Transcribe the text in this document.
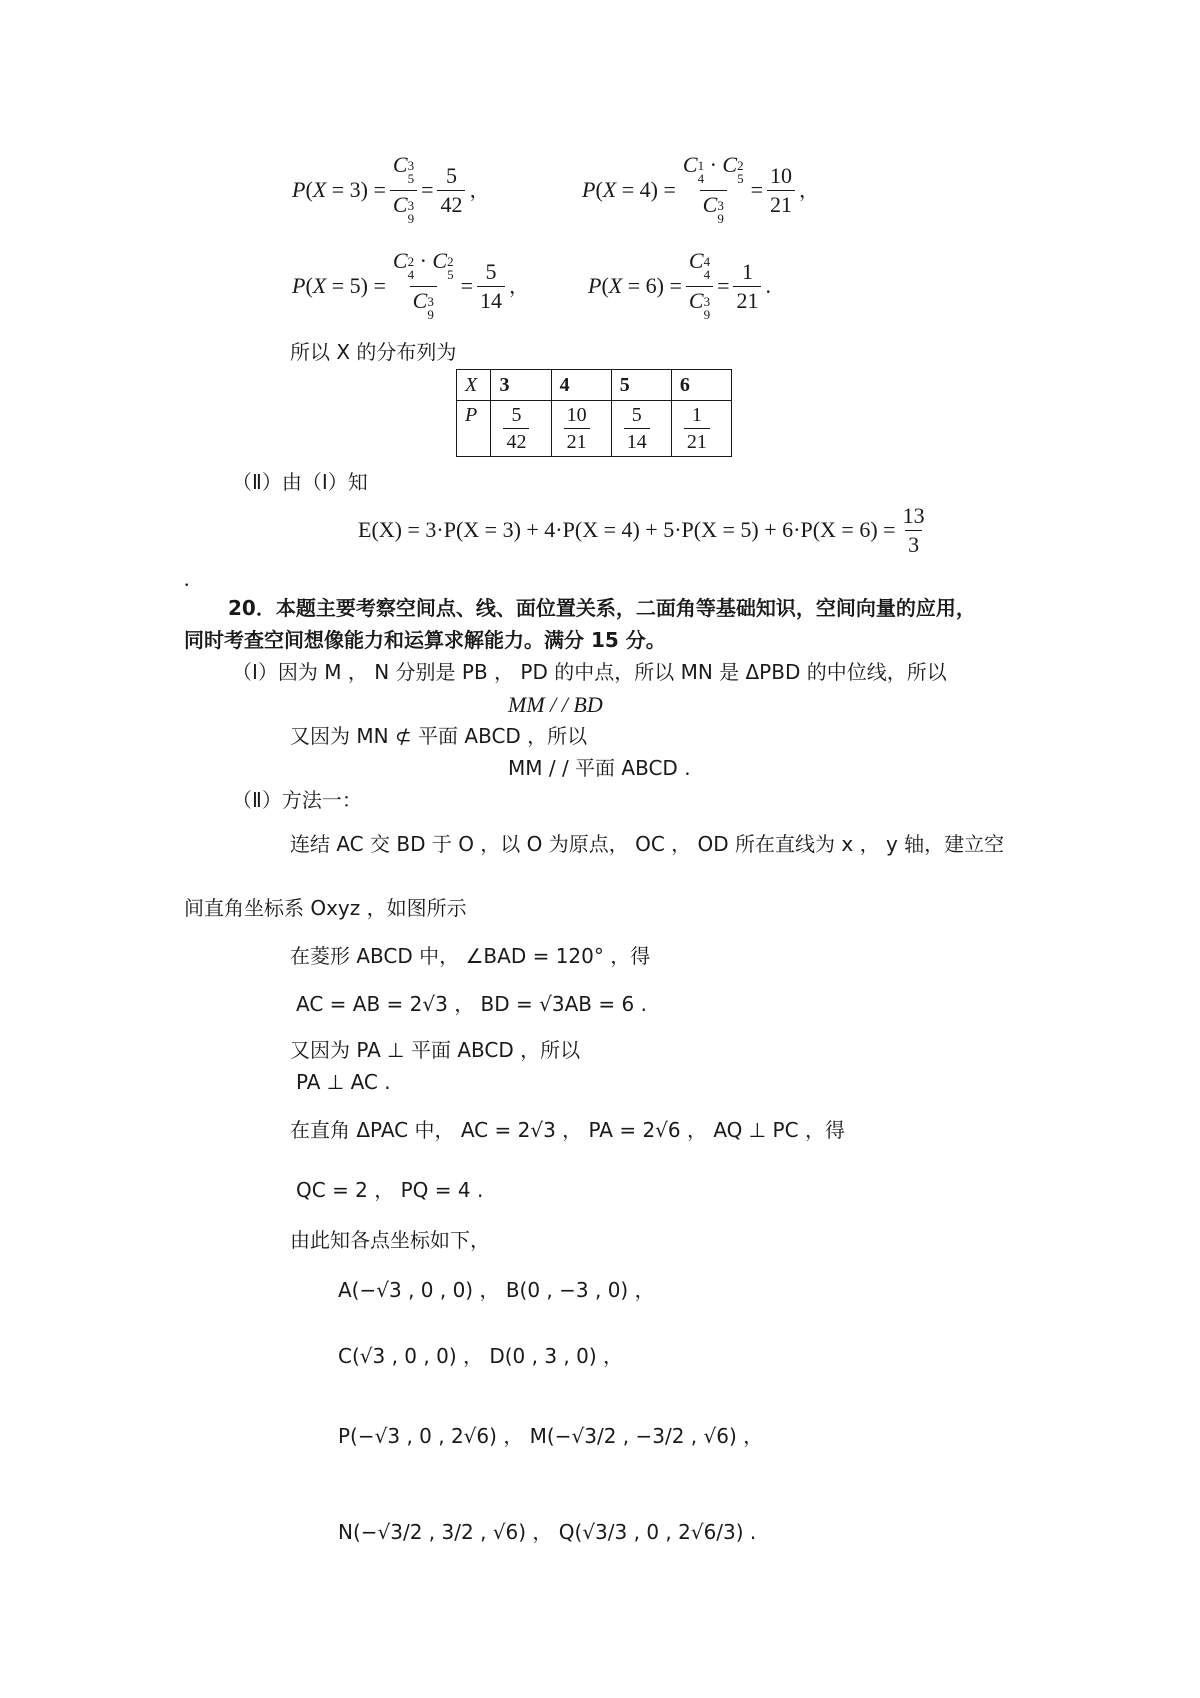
P ( X = 3) = C 3
5
C 3
$9 = \frac{5}{42}$ ，	P ( X = 4) = C 1
4
· C 2
5
C 3
$9 = \frac{10}{21}$ ，
P ( X = 5) = C 2
4
· C 2
5
C 3
$9 = \frac{5}{14}$ ，	P ( X = 6) = C 4
4
C 3
$9 = \frac{1}{21}$ .
所以 X 的分布列为
X	3	4	5	6
P	$\frac{5}{42}$	$\frac{10}{21}$	$\frac{5}{14}$	$\frac{1}{21}$
（Ⅱ）由（Ⅰ）知
$E(X) = 3\cdot P(X = 3) + 4\cdot P(X = 4) + 5\cdot P(X = 5) + 6\cdot P(X = 6) = \frac{13}{3}$
.
20． 本题主要考察空间点、线、面位置关系，二面角等基础知识，空间向量的应用，
同时考查空间想像能力和运算求解能力。满分 15 分。
（Ⅰ）因为 M ， N 分别是 PB ， PD 的中点，所以 MN 是 ΔPBD 的中位线，所以
MM / / BD
又因为 MN ⊄ 平面 ABCD ，所以
MM / / 平面 ABCD .
（Ⅱ）方法一：
连结 AC 交 BD 于 O ，以 O 为原点， OC ， OD 所在直线为 x ， y 轴，建立空
间直角坐标系 Oxyz ，如图所示
在菱形 ABCD 中， ∠BAD = 120° ，得
AC = AB = 2√3 ， BD = √3AB = 6 .
又因为 PA ⊥ 平面 ABCD ，所以
PA ⊥ AC .
在直角 ΔPAC 中， AC = 2√3 ， PA = 2√6 ， AQ ⊥ PC ，得
QC = 2 ， PQ = 4 .
由此知各点坐标如下，
A(−√3 , 0 , 0) ， B(0 , −3 , 0) ，
C(√3 , 0 , 0) ， D(0 , 3 , 0) ，
P(−√3 , 0 , 2√6) ， M(−√3/2 , −3/2 , √6) ，
N(−√3/2 , 3/2 , √6) ， Q(√3/3 , 0 , 2√6/3) .
